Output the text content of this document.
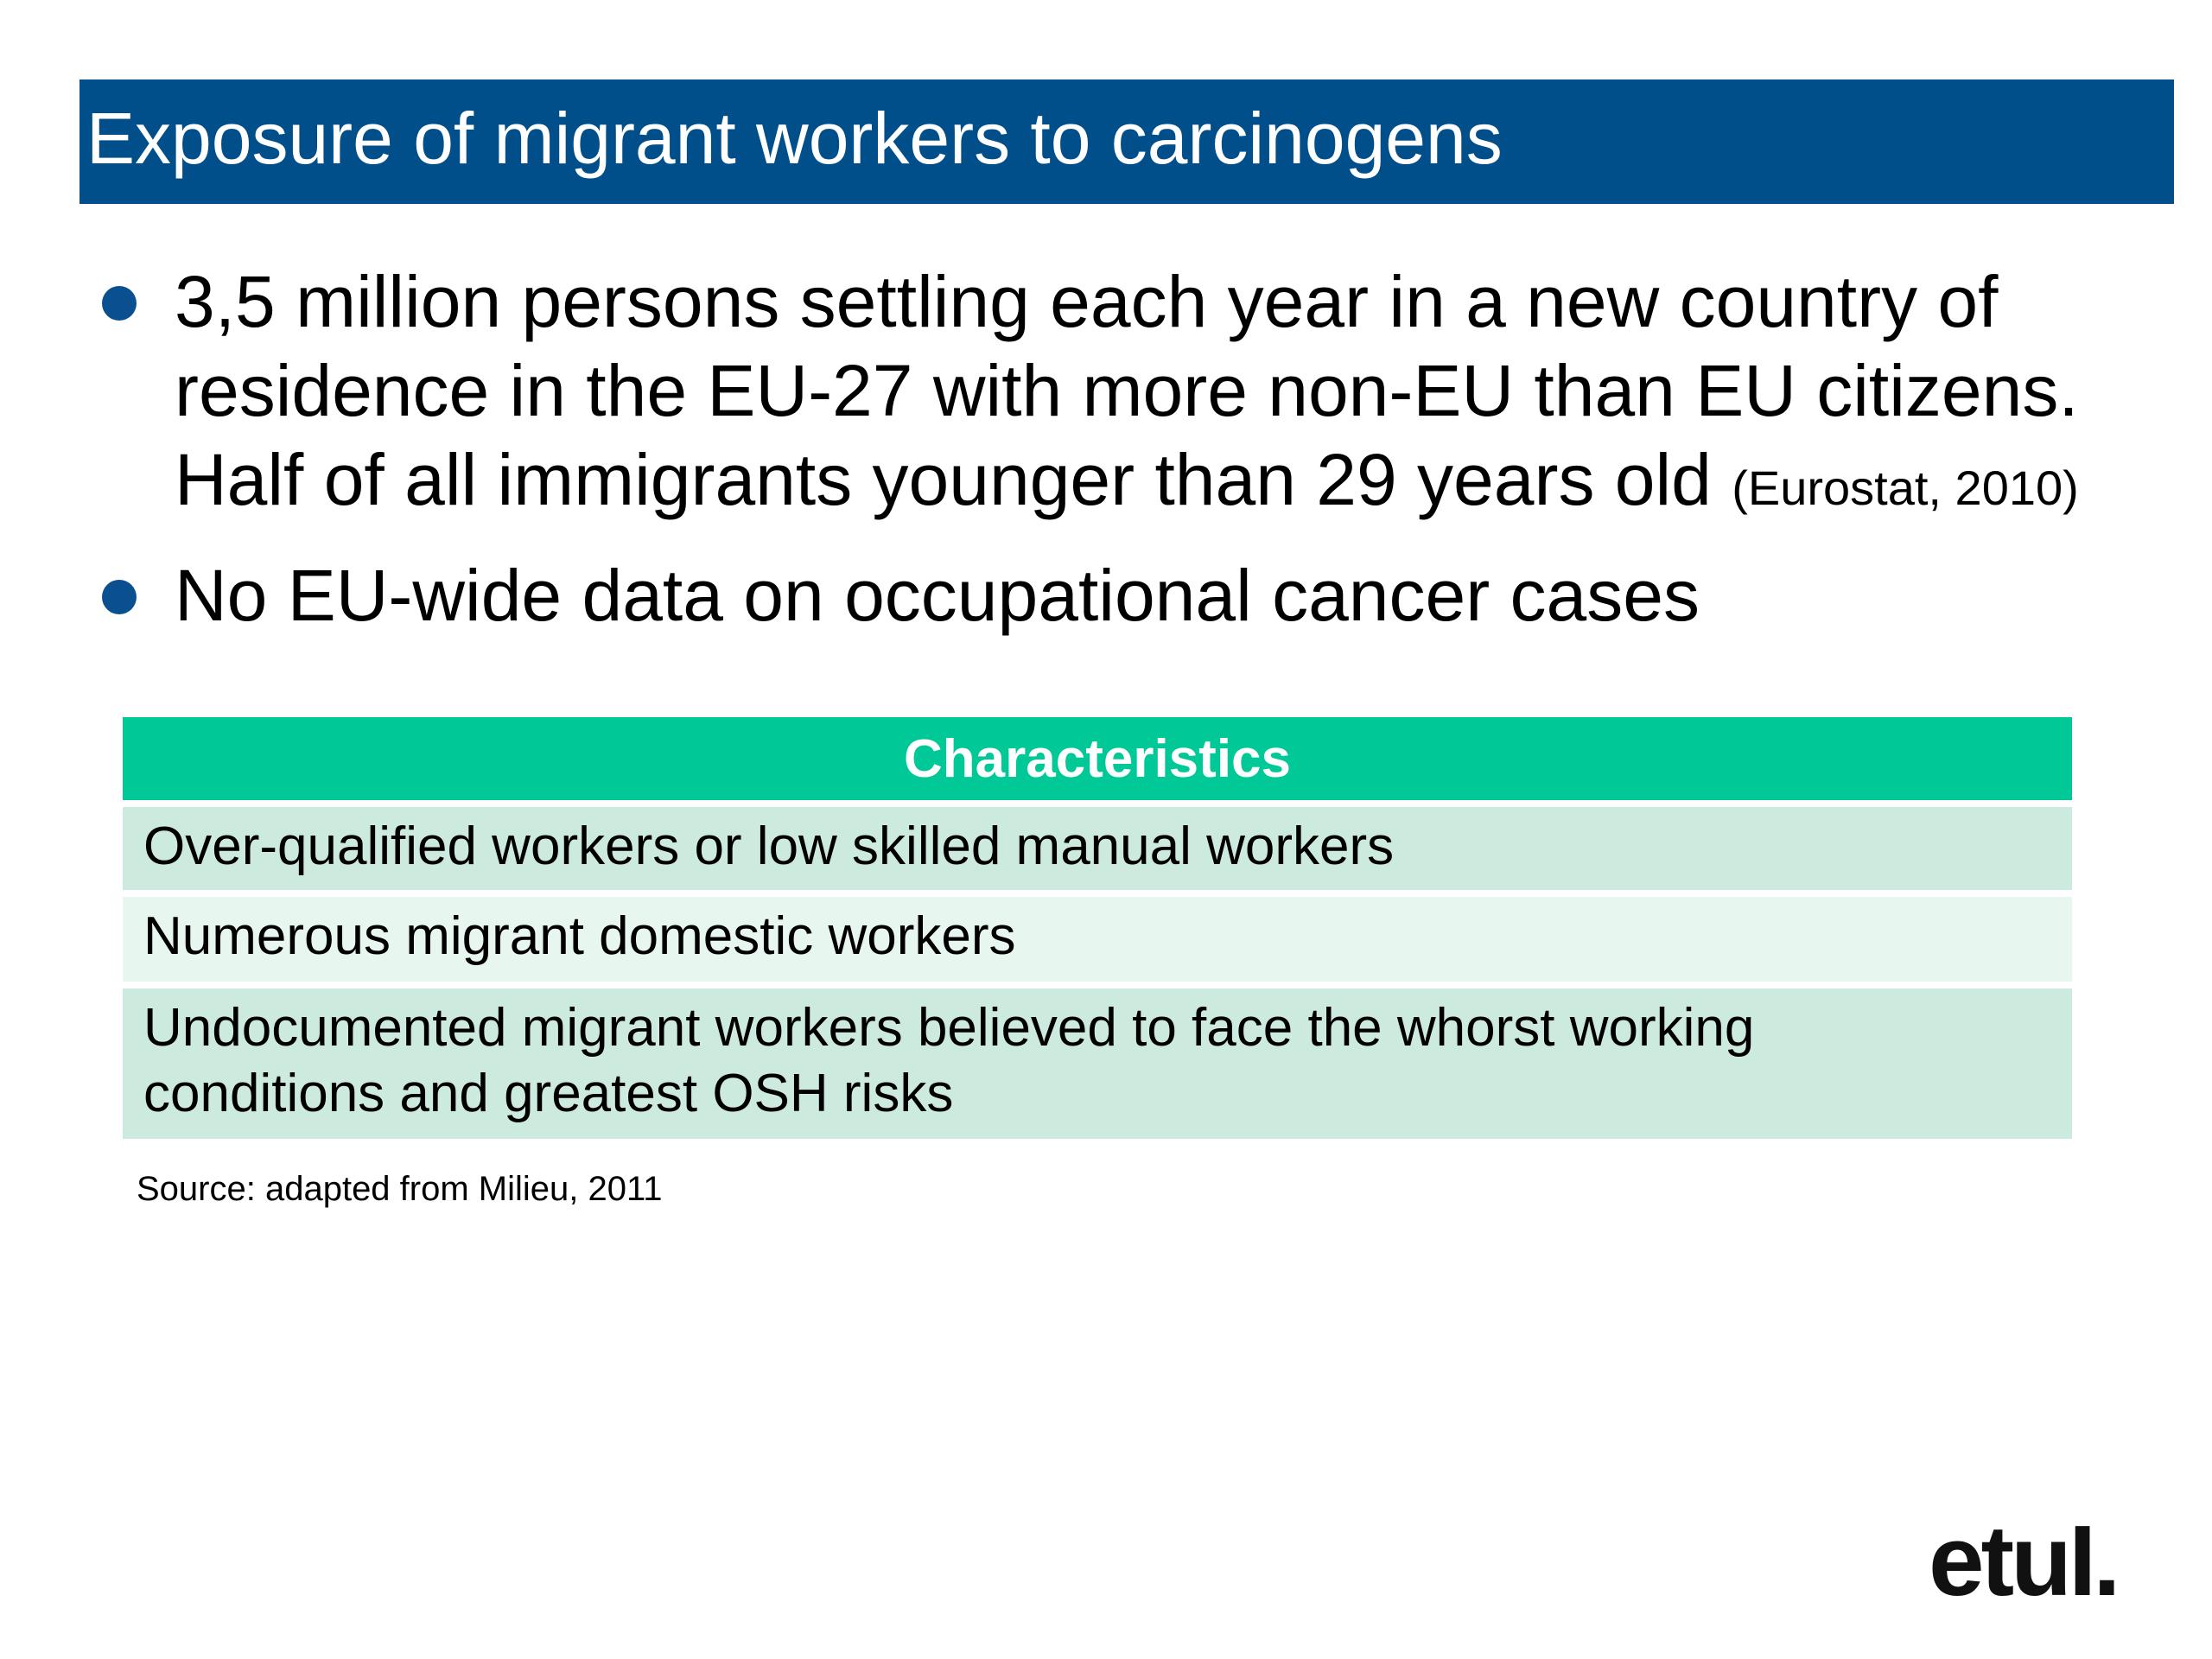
Exposure of migrant workers to carcinogens
3,5 million persons settling each year in a new country of
residence in the EU-27 with more non-EU than EU citizens.
Half of all immigrants younger than 29 years old (Eurostat, 2010)
No EU-wide data on occupational cancer cases
Characteristics
Over-qualified workers or low skilled manual workers
Numerous migrant domestic workers
Undocumented migrant workers believed to face the whorst working
conditions and greatest OSH risks
Source: adapted from Milieu, 2011
etuI.
